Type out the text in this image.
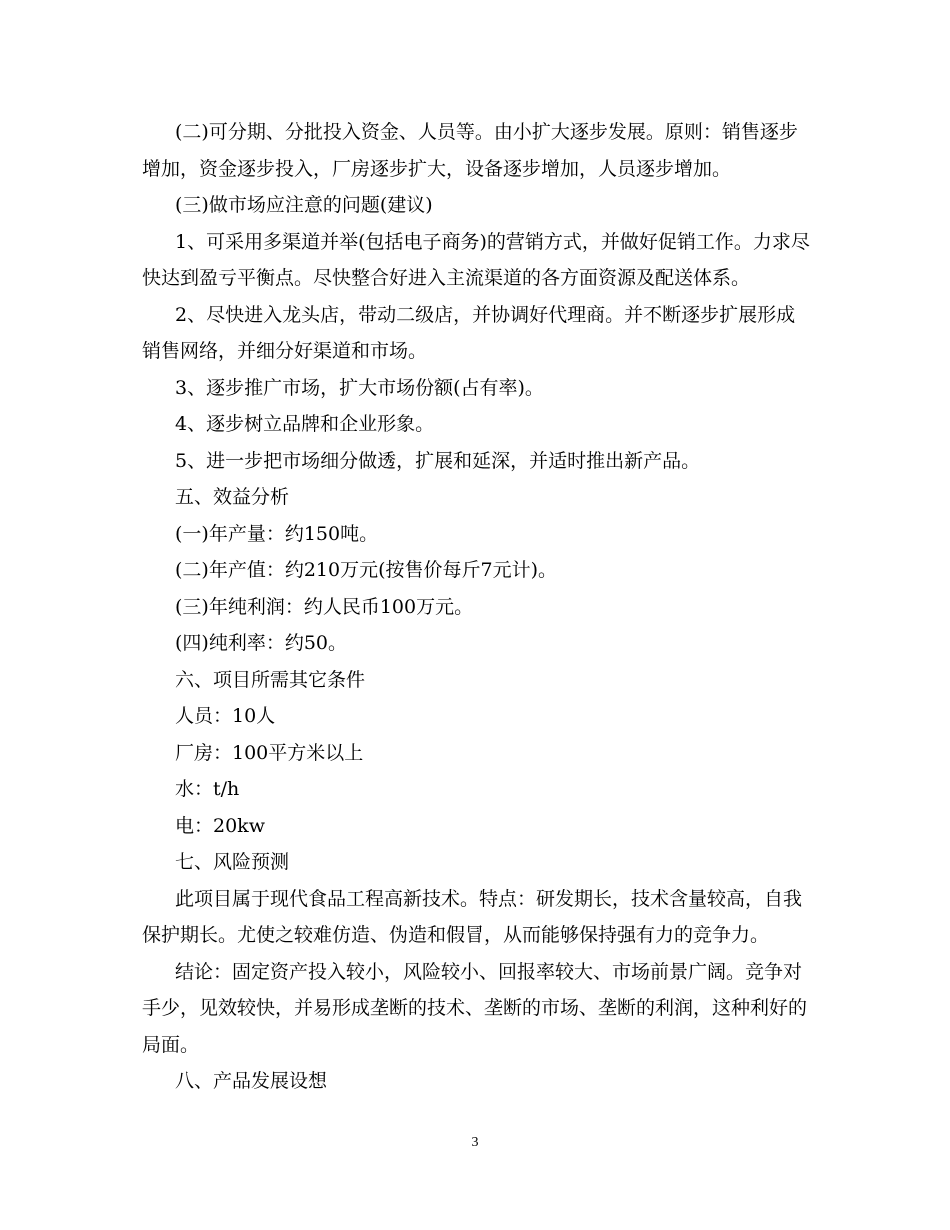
(二)可分期、分批投入资金、人员等。由小扩大逐步发展。原则：销售逐步增加，资金逐步投入，厂房逐步扩大，设备逐步增加，人员逐步增加。

(三)做市场应注意的问题(建议)

1、可采用多渠道并举(包括电子商务)的营销方式，并做好促销工作。力求尽快达到盈亏平衡点。尽快整合好进入主流渠道的各方面资源及配送体系。

2、尽快进入龙头店，带动二级店，并协调好代理商。并不断逐步扩展形成销售网络，并细分好渠道和市场。

3、逐步推广市场，扩大市场份额(占有率)。

4、逐步树立品牌和企业形象。

5、进一步把市场细分做透，扩展和延深，并适时推出新产品。

五、效益分析

(一)年产量：约150吨。

(二)年产值：约210万元(按售价每斤7元计)。

(三)年纯利润：约人民币100万元。

(四)纯利率：约50。

六、项目所需其它条件

人员：10人

厂房：100平方米以上

水：t/h

电：20kw

七、风险预测

此项目属于现代食品工程高新技术。特点：研发期长，技术含量较高，自我保护期长。尤使之较难仿造、伪造和假冒，从而能够保持强有力的竞争力。

结论：固定资产投入较小，风险较小、回报率较大、市场前景广阔。竞争对手少，见效较快，并易形成垄断的技术、垄断的市场、垄断的利润，这种利好的局面。

八、产品发展设想

3
